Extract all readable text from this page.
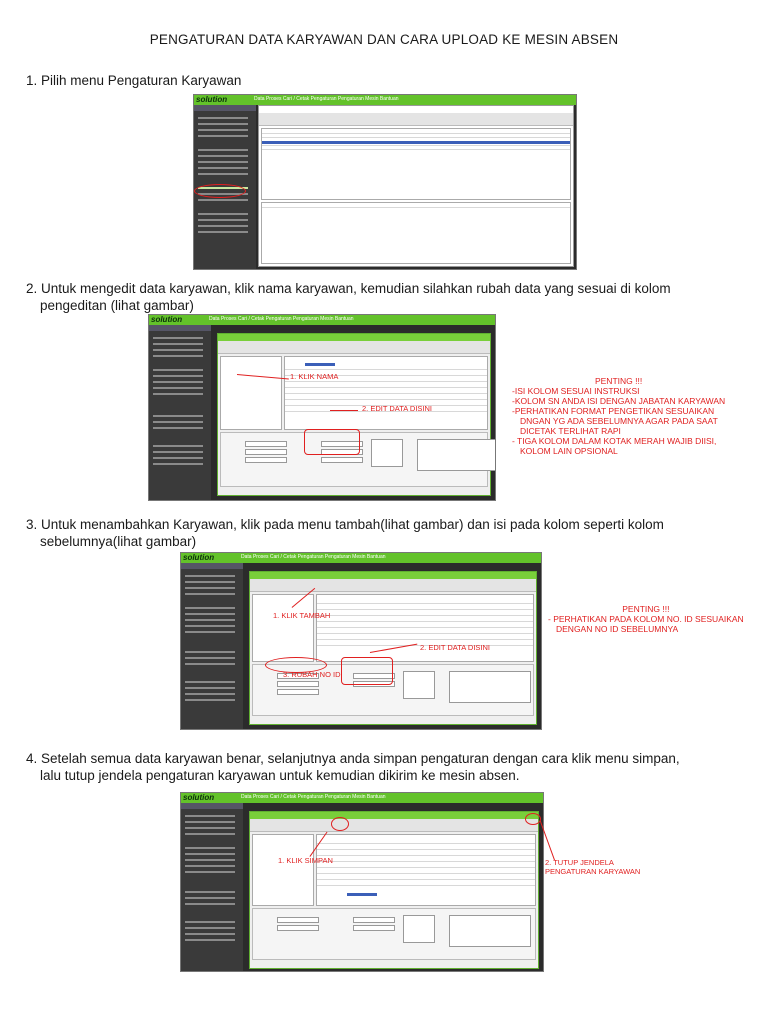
PENGATURAN DATA KARYAWAN DAN CARA UPLOAD KE MESIN ABSEN
1. Pilih menu Pengaturan Karyawan
solution	Data Proses Cari / Cetak Pengaturan Pengaturan Mesin Bantuan
2. Untuk mengedit data karyawan, klik nama karyawan, kemudian silahkan rubah data yang sesuai di kolom
pengeditan (lihat gambar)
solution	Data Proses Cari / Cetak Pengaturan Pengaturan Mesin Bantuan
1. KLIK NAMA
2. EDIT DATA DISINI
PENTING !!!
-ISI KOLOM SESUAI INSTRUKSI
-KOLOM SN ANDA ISI DENGAN JABATAN KARYAWAN
-PERHATIKAN FORMAT PENGETIKAN SESUAIKAN
DNGAN YG ADA SEBELUMNYA AGAR PADA SAAT
DICETAK TERLIHAT RAPI
- TIGA KOLOM DALAM KOTAK MERAH WAJIB DIISI,
KOLOM LAIN OPSIONAL
3. Untuk menambahkan Karyawan, klik pada menu tambah(lihat gambar) dan isi pada kolom seperti kolom
sebelumnya(lihat gambar)
solution	Data Proses Cari / Cetak Pengaturan Pengaturan Mesin Bantuan
1. KLIK TAMBAH
2. EDIT DATA DISINI
3. RUBAH NO ID
PENTING !!!
- PERHATIKAN PADA KOLOM NO. ID SESUAIKAN
DENGAN NO ID SEBELUMNYA
4. Setelah semua data karyawan benar, selanjutnya anda simpan pengaturan dengan cara klik menu simpan,
lalu tutup jendela pengaturan karyawan untuk kemudian dikirim ke mesin absen.
solution	Data Proses Cari / Cetak Pengaturan Pengaturan Mesin Bantuan
1. KLIK SIMPAN	2. TUTUP JENDELA
PENGATURAN KARYAWAN
